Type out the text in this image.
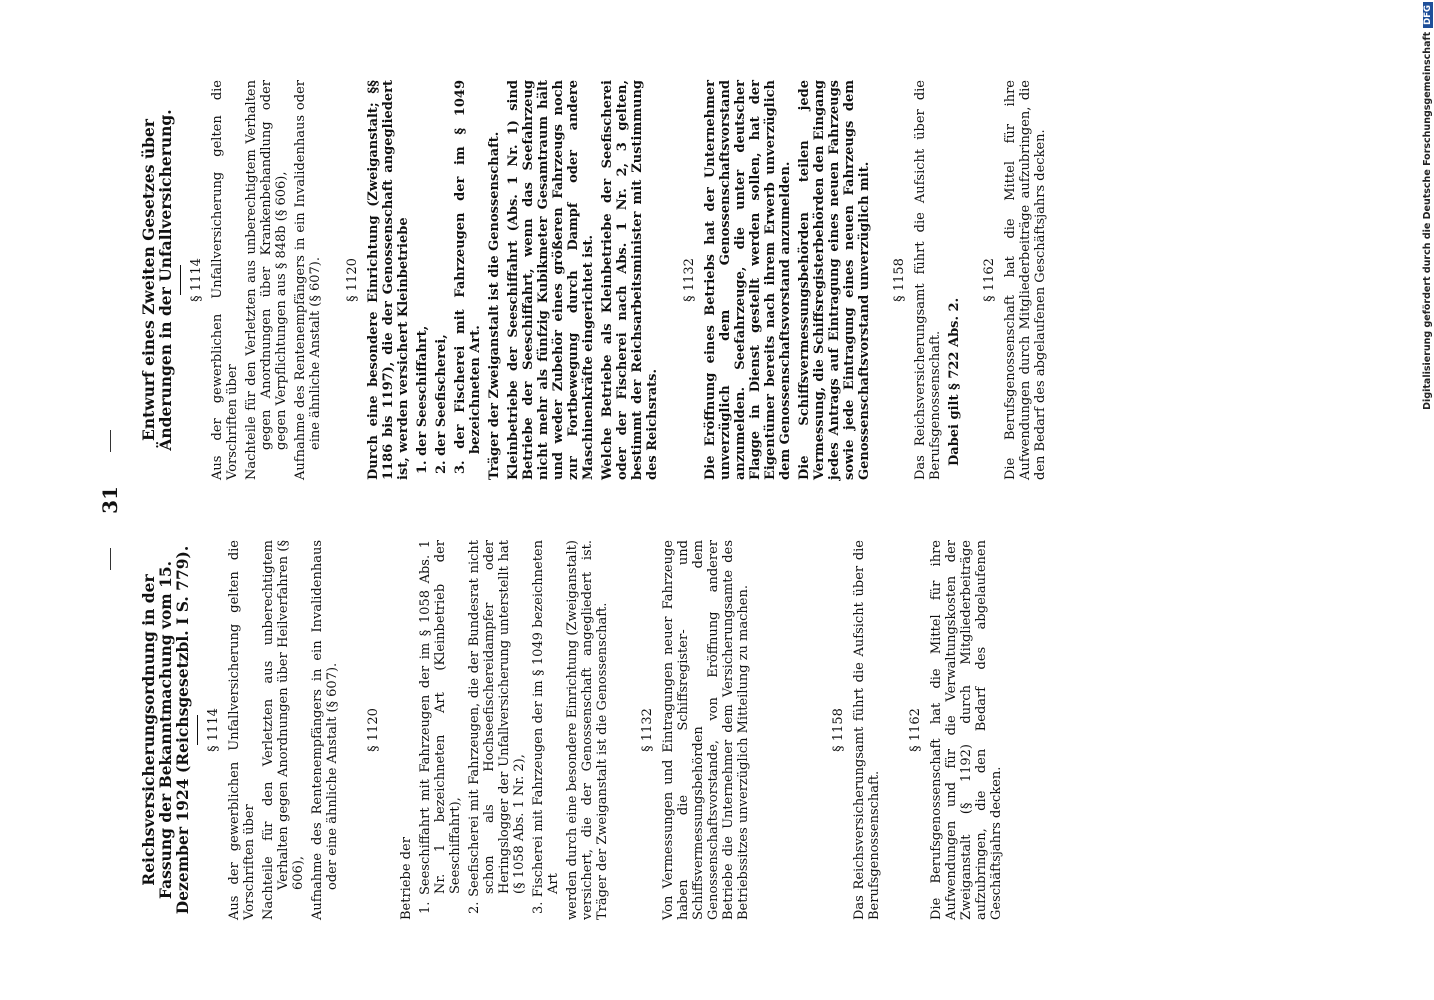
31
Reichsversicherungsordnung in der Fassung der Bekanntmachung vom 15. Dezember 1924 (Reichsgesetzbl. I S. 779). § 1114 Aus der gewerblichen Unfallversicherung gelten die Vorschriften über Nachteile für den Verletzten aus unberechtigtem Verhalten gegen Anordnungen über Heilverfahren (§ 606), Aufnahme des Rentenempfängers in ein Invalidenhaus oder eine ähnliche Anstalt (§ 607). § 1120

Betriebe der 1. Seeschiffahrt mit Fahrzeugen der im § 1058 Abs. 1 Nr. 1 bezeichneten Art (Kleinbetrieb der Seeschiffahrt), 2. Seefischerei mit Fahrzeugen, die der Bundesrat nicht schon als Hochseefischereidampfer oder Heringslogger der Unfallversicherung unterstellt hat (§ 1058 Abs. 1 Nr. 2), 3. Fischerei mit Fahrzeugen der im § 1049 bezeichneten Art werden durch eine besondere Einrichtung (Zweiganstalt) versichert, die der Genossenschaft angegliedert ist. Träger der Zweiganstalt ist die Genossenschaft. § 1132 Von Vermessungen und Eintragungen neuer Fahrzeuge haben die Schiffsregister- und Schiffsvermessungsbehörden dem Genossenschaftsvorstande, von Eröffnung anderer Betriebe die Unternehmer dem Versicherungsamte des Betriebssitzes unverzüglich Mitteilung zu machen.	§ 1158 Das Reichsversicherungsamt führt die Aufsicht über die Berufsgenossenschaft.

§ 1162 Die Berufsgenossenschaft hat die Mittel für ihre Aufwendungen und für die Verwaltungskosten der Zweiganstalt (§ 1192) durch Mitgliederbeiträge aufzubringen, die den Bedarf des abgelaufenen Geschäftsjahrs decken.

Entwurf eines Zweiten Gesetzes über Änderungen in der Unfallversicherung. § 1114 Aus der gewerblichen Unfallversicherung gelten die Vorschriften über Nachteile für den Verletzten aus unberechtigtem Verhalten gegen Anordnungen über Krankenbehandlung oder gegen Verpflichtungen aus § 848b (§ 606), Aufnahme des Rentenempfängers in ein Invalidenhaus oder eine ähnliche Anstalt (§ 607). § 1120 Durch eine besondere Einrichtung (Zweiganstalt; §§ 1186 bis 1197), die der Genossenschaft angegliedert ist, werden versichert Kleinbetriebe 1. der Seeschiffahrt, 2. der Seefischerei, 3. der Fischerei mit Fahrzeugen der im § 1049 bezeichneten Art. Träger der Zweiganstalt ist die Genossenschaft. Kleinbetriebe der Seeschiffahrt (Abs. 1 Nr. 1) sind Betriebe der Seeschiffahrt, wenn das Seefahrzeug nicht mehr als fünfzig Kubikmeter Gesamtraum hält und weder Zubehör eines größeren Fahrzeugs noch zur Fortbewegung durch Dampf oder andere Maschinenkräfte eingerichtet ist. Welche Betriebe als Kleinbetriebe der Seefischerei oder der Fischerei nach Abs. 1 Nr. 2, 3 gelten, bestimmt der Reichsarbeitsminister mit Zustimmung des Reichsrats.

§ 1132 Die Eröffnung eines Betriebs hat der Unternehmer unverzüglich dem Genossenschaftsvorstand anzumelden. Seefahrzeuge, die unter deutscher Flagge in Dienst gestellt werden sollen, hat der Eigentümer bereits nach ihrem Erwerb unverzüglich dem Genossenschaftsvorstand anzumelden. Die Schiffsvermessungsbehörden teilen jede Vermessung, die Schiffsregisterbehörden den Eingang jedes Antrags auf Eintragung eines neuen Fahrzeugs sowie jede Eintragung eines neuen Fahrzeugs dem Genossenschaftsvorstand unverzüglich mit. § 1158 Das Reichsversicherungsamt führt die Aufsicht über die Berufsgenossenschaft. Dabei gilt § 722 Abs. 2.

§ 1162 Die Berufsgenossenschaft hat die Mittel für ihre Aufwendungen durch Mitgliederbeiträge aufzubringen, die den Bedarf des abgelaufenen Geschäftsjahrs decken.	Digitalisierung gefördert durch die Deutsche ForschungsgemeinschaftDFG
